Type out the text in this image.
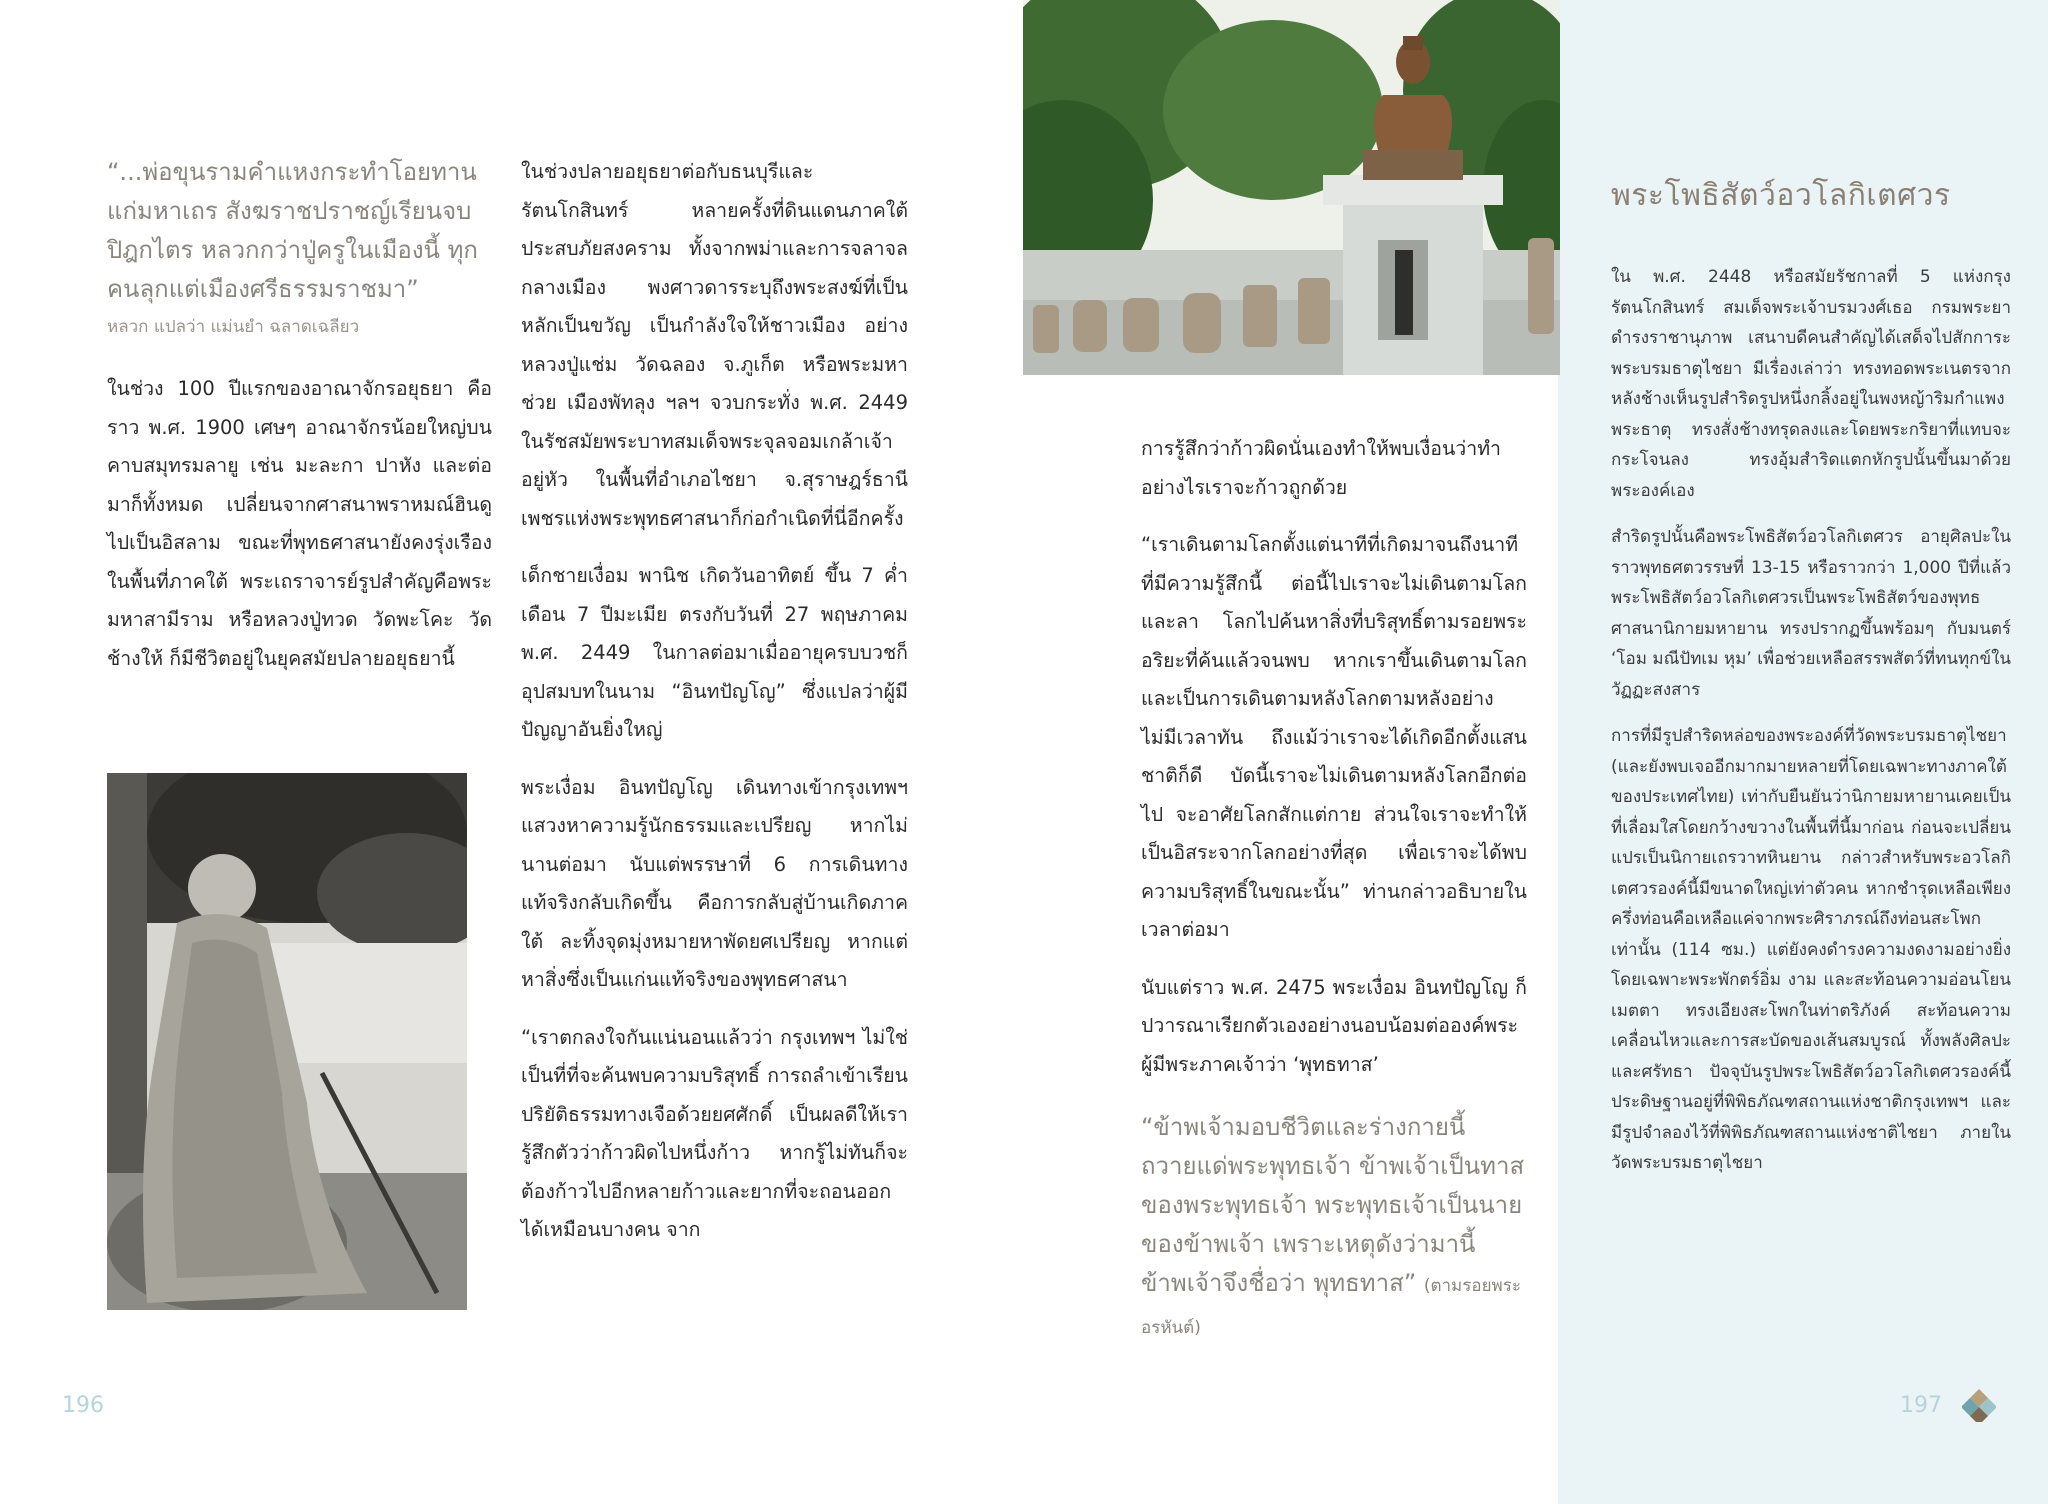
“...พ่อขุนรามคำแหงกระทำโอยทานแก่มหาเถร สังฆราชปราชญ์เรียนจบปิฎกไตร หลวกกว่าปู่ครูในเมืองนี้ ทุกคนลุกแต่เมืองศรีธรรมราชมา”

หลวก แปลว่า แม่นยำ ฉลาดเฉลียว

ในช่วง 100 ปีแรกของอาณาจักรอยุธยา คือราว พ.ศ. 1900 เศษๆ อาณาจักรน้อยใหญ่บนคาบสมุทรมลายู เช่น มะละกา ปาหัง และต่อมาก็ทั้งหมด เปลี่ยนจากศาสนาพราหมณ์ฮินดูไปเป็นอิสลาม ขณะที่พุทธศาสนายังคงรุ่งเรืองในพื้นที่ภาคใต้ พระเถราจารย์รูปสำคัญคือพระมหาสามีราม หรือหลวงปู่ทวด วัดพะโคะ วัดช้างให้ ก็มีชีวิตอยู่ในยุคสมัยปลายอยุธยานี้

ในช่วงปลายอยุธยาต่อกับธนบุรีและรัตนโกสินทร์ หลายครั้งที่ดินแดนภาคใต้ประสบภัยสงคราม ทั้งจากพม่าและการจลาจลกลางเมือง พงศาวดารระบุถึงพระสงฆ์ที่เป็นหลักเป็นขวัญ เป็นกำลังใจให้ชาวเมือง อย่างหลวงปู่แช่ม วัดฉลอง จ.ภูเก็ต หรือพระมหาช่วย เมืองพัทลุง ฯลฯ จวบกระทั่ง พ.ศ. 2449 ในรัชสมัยพระบาทสมเด็จพระจุลจอมเกล้าเจ้าอยู่หัว ในพื้นที่อำเภอไชยา จ.สุราษฎร์ธานี เพชรแห่งพระพุทธศาสนาก็ก่อกำเนิดที่นี่อีกครั้ง

เด็กชายเงื่อม พานิช เกิดวันอาทิตย์ ขึ้น 7 ค่ำ เดือน 7 ปีมะเมีย ตรงกับวันที่ 27 พฤษภาคม พ.ศ. 2449 ในกาลต่อมาเมื่ออายุครบบวชก็อุปสมบทในนาม “อินทปัญโญ” ซึ่งแปลว่าผู้มีปัญญาอันยิ่งใหญ่

พระเงื่อม อินทปัญโญ เดินทางเข้ากรุงเทพฯ แสวงหาความรู้นักธรรมและเปรียญ หากไม่นานต่อมา นับแต่พรรษาที่ 6 การเดินทางแท้จริงกลับเกิดขึ้น คือการกลับสู่บ้านเกิดภาคใต้ ละทิ้งจุดมุ่งหมายหาพัดยศเปรียญ หากแต่หาสิ่งซึ่งเป็นแก่นแท้จริงของพุทธศาสนา

“เราตกลงใจกันแน่นอนแล้วว่า กรุงเทพฯ ไม่ใช่เป็นที่ที่จะค้นพบความบริสุทธิ์ การถลำเข้าเรียน ปริยัติธรรมทางเจือด้วยยศศักดิ์ เป็นผลดีให้เรารู้สึกตัวว่าก้าวผิดไปหนึ่งก้าว หากรู้ไม่ทันก็จะต้องก้าวไปอีกหลายก้าวและยากที่จะถอนออกได้เหมือนบางคน จาก

196

การรู้สึกว่าก้าวผิดนั่นเองทำให้พบเงื่อนว่าทำอย่างไรเราจะก้าวถูกด้วย

“เราเดินตามโลกตั้งแต่นาทีที่เกิดมาจนถึงนาทีที่มีความรู้สึกนี้ ต่อนี้ไปเราจะไม่เดินตามโลกและลา โลกไปค้นหาสิ่งที่บริสุทธิ์ตามรอยพระอริยะที่ค้นแล้วจนพบ หากเราขึ้นเดินตามโลกและเป็นการเดินตามหลังโลกตามหลังอย่างไม่มีเวลาทัน ถึงแม้ว่าเราจะได้เกิดอีกตั้งแสนชาติก็ดี บัดนี้เราจะไม่เดินตามหลังโลกอีกต่อไป จะอาศัยโลกสักแต่กาย ส่วนใจเราจะทำให้เป็นอิสระจากโลกอย่างที่สุด เพื่อเราจะได้พบความบริสุทธิ์ในขณะนั้น” ท่านกล่าวอธิบายในเวลาต่อมา

นับแต่ราว พ.ศ. 2475 พระเงื่อม อินทปัญโญ ก็ปวารณาเรียกตัวเองอย่างนอบน้อมต่อองค์พระผู้มีพระภาคเจ้าว่า ‘พุทธทาส’

“ข้าพเจ้ามอบชีวิตและร่างกายนี้ ถวายแด่พระพุทธเจ้า ข้าพเจ้าเป็นทาสของพระพุทธเจ้า พระพุทธเจ้าเป็นนายของข้าพเจ้า เพราะเหตุดังว่ามานี้ ข้าพเจ้าจึงชื่อว่า พุทธทาส” (ตามรอยพระอรหันต์)

พระโพธิสัตว์อวโลกิเตศวร

ใน พ.ศ. 2448 หรือสมัยรัชกาลที่ 5 แห่งกรุงรัตนโกสินทร์ สมเด็จพระเจ้าบรมวงศ์เธอ กรมพระยาดำรงราชานุภาพ เสนาบดีคนสำคัญได้เสด็จไปสักการะพระบรมธาตุไชยา มีเรื่องเล่าว่า ทรงทอดพระเนตรจากหลังช้างเห็นรูปสำริดรูปหนึ่งกลิ้งอยู่ในพงหญ้าริมกำแพงพระธาตุ ทรงสั่งช้างทรุดลงและโดยพระกริยาที่แทบจะกระโจนลง ทรงอุ้มสำริดแตกหักรูปนั้นขึ้นมาด้วยพระองค์เอง

สำริดรูปนั้นคือพระโพธิสัตว์อวโลกิเตศวร อายุศิลปะในราวพุทธศตวรรษที่ 13-15 หรือราวกว่า 1,000 ปีที่แล้ว พระโพธิสัตว์อวโลกิเตศวรเป็นพระโพธิสัตว์ของพุทธศาสนานิกายมหายาน ทรงปรากฏขึ้นพร้อมๆ กับมนตร์ ‘โอม มณีปัทเม หุม’ เพื่อช่วยเหลือสรรพสัตว์ที่ทนทุกข์ในวัฏฏะสงสาร

การที่มีรูปสำริดหล่อของพระองค์ที่วัดพระบรมธาตุไชยา (และยังพบเจออีกมากมายหลายที่โดยเฉพาะทางภาคใต้ของประเทศไทย) เท่ากับยืนยันว่านิกายมหายานเคยเป็นที่เลื่อมใสโดยกว้างขวางในพื้นที่นี้มาก่อน ก่อนจะเปลี่ยนแปรเป็นนิกายเถรวาทหินยาน กล่าวสำหรับพระอวโลกิเตศวรองค์นี้มีขนาดใหญ่เท่าตัวคน หากชำรุดเหลือเพียงครึ่งท่อนคือเหลือแค่จากพระศิราภรณ์ถึงท่อนสะโพกเท่านั้น (114 ซม.) แต่ยังคงดำรงความงดงามอย่างยิ่ง โดยเฉพาะพระพักตร์อิ่ม งาม และสะท้อนความอ่อนโยน เมตตา ทรงเอียงสะโพกในท่าตริภังค์ สะท้อนความเคลื่อนไหวและการสะบัดของเส้นสมบูรณ์ ทั้งพลังศิลปะและศรัทธา ปัจจุบันรูปพระโพธิสัตว์อวโลกิเตศวรองค์นี้ ประดิษฐานอยู่ที่พิพิธภัณฑสถานแห่งชาติกรุงเทพฯ และมีรูปจำลองไว้ที่พิพิธภัณฑสถานแห่งชาติไชยา ภายในวัดพระบรมธาตุไชยา

197
